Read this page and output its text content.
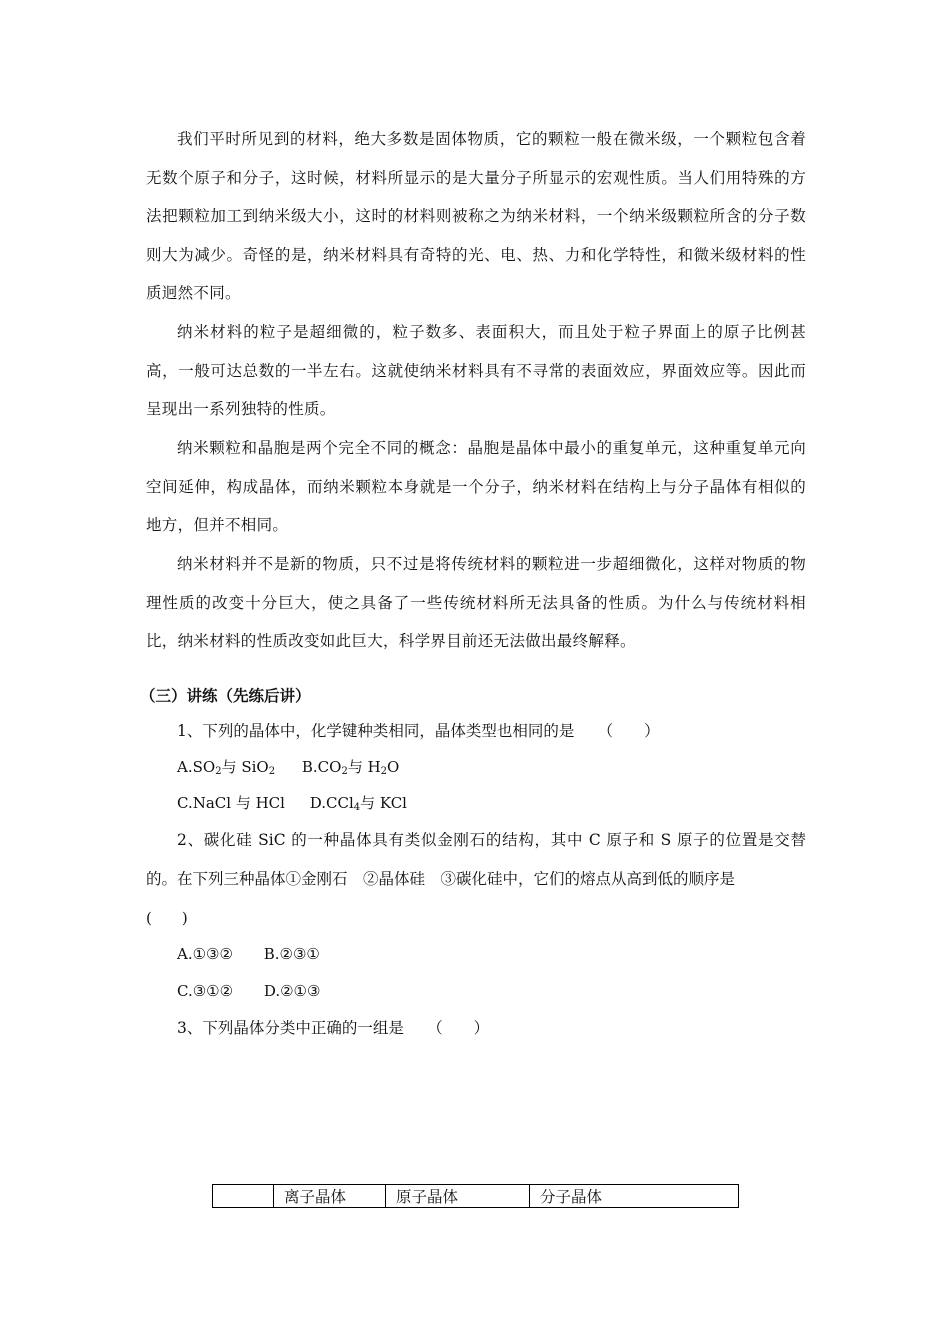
我们平时所见到的材料，绝大多数是固体物质，它的颗粒一般在微米级，一个颗粒包含着无数个原子和分子，这时候，材料所显示的是大量分子所显示的宏观性质。当人们用特殊的方法把颗粒加工到纳米级大小，这时的材料则被称之为纳米材料，一个纳米级颗粒所含的分子数则大为减少。奇怪的是，纳米材料具有奇特的光、电、热、力和化学特性，和微米级材料的性质迥然不同。

纳米材料的粒子是超细微的，粒子数多、表面积大，而且处于粒子界面上的原子比例甚高，一般可达总数的一半左右。这就使纳米材料具有不寻常的表面效应，界面效应等。因此而呈现出一系列独特的性质。

纳米颗粒和晶胞是两个完全不同的概念：晶胞是晶体中最小的重复单元，这种重复单元向空间延伸，构成晶体，而纳米颗粒本身就是一个分子，纳米材料在结构上与分子晶体有相似的地方，但并不相同。

纳米材料并不是新的物质，只不过是将传统材料的颗粒进一步超细微化，这样对物质的物理性质的改变十分巨大，使之具备了一些传统材料所无法具备的性质。为什么与传统材料相比，纳米材料的性质改变如此巨大，科学界目前还无法做出最终解释。

（三）讲练（先练后讲）

1、下列的晶体中，化学键种类相同，晶体类型也相同的是　　（　　）

$A.SO_2$与 SiO$_2$ $B.CO_2$与 $H_2O$

C.NaCl 与 HCl D.CCl$_4$与 KCl

2、碳化硅 SiC 的一种晶体具有类似金刚石的结构，其中 C 原子和 S 原子的位置是交替的。在下列三种晶体①金刚石　②晶体硅　③碳化硅中，它们的熔点从高到低的顺序是

(　　)

A.①③② B.②③①

C.③①② D.②①③

3、下列晶体分类中正确的一组是　　（　　）

	离子晶体	原子晶体	分子晶体
